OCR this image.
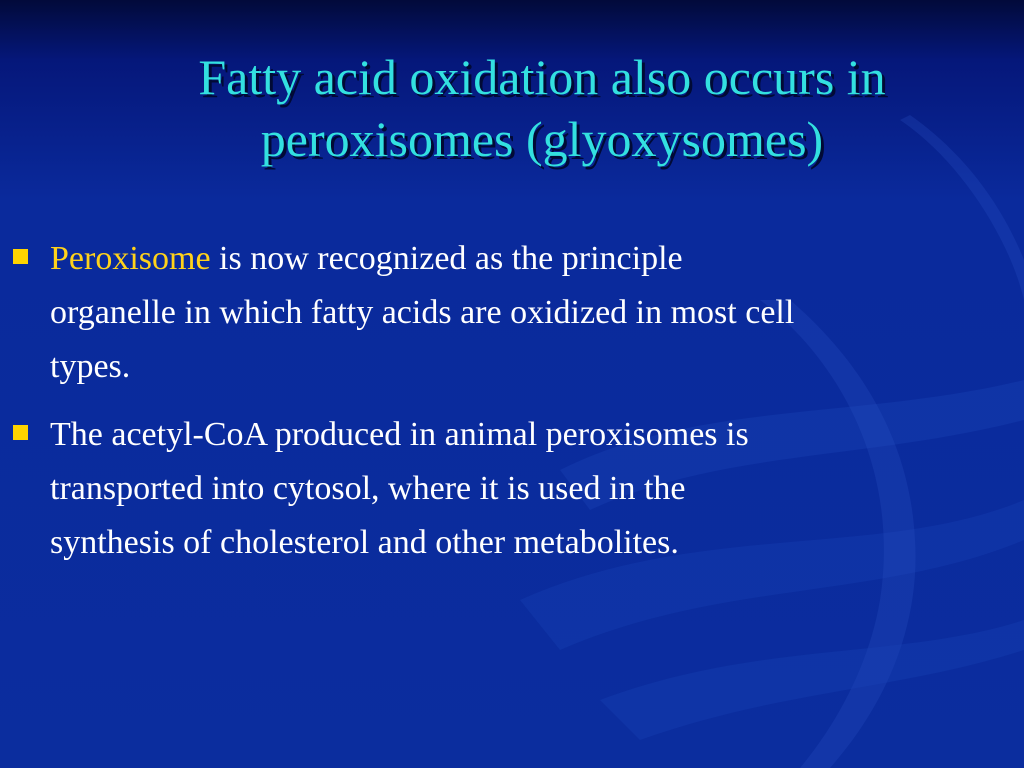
Fatty acid oxidation also occurs in
peroxisomes (glyoxysomes)
Peroxisome is now recognized as the principle
organelle in which fatty acids are oxidized in most cell
types.
The acetyl-CoA produced in animal peroxisomes is
transported into cytosol, where it is used in the
synthesis of cholesterol and other metabolites.
